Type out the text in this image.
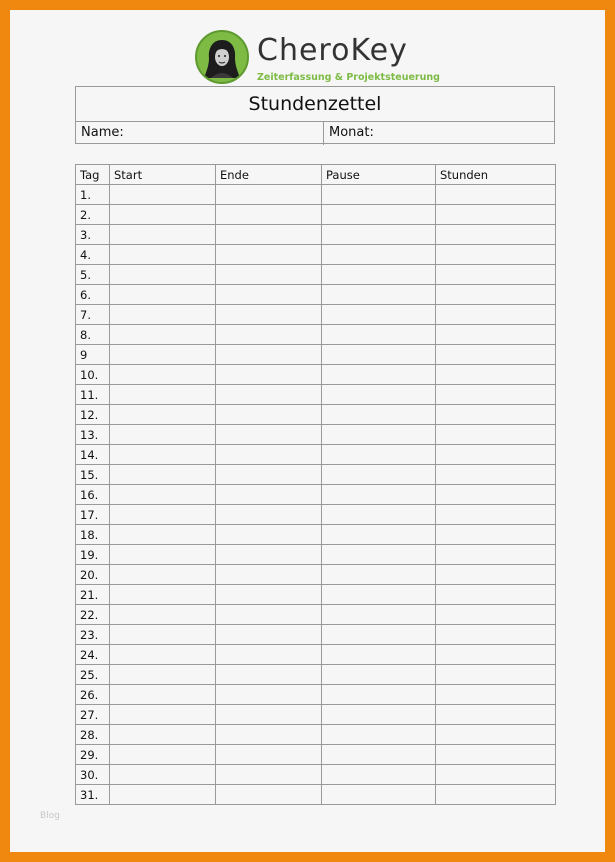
CheroKey
Zeiterfassung & Projektsteuerung
Stundenzettel
Name:	Monat:
Tag	Start	Ende	Pause	Stunden
1.				
2.				
3.				
4.				
5.				
6.				
7.				
8.				
9				
10.				
11.				
12.				
13.				
14.				
15.				
16.				
17.				
18.				
19.				
20.				
21.				
22.				
23.				
24.				
25.				
26.				
27.				
28.				
29.				
30.				
31.				
Blog
